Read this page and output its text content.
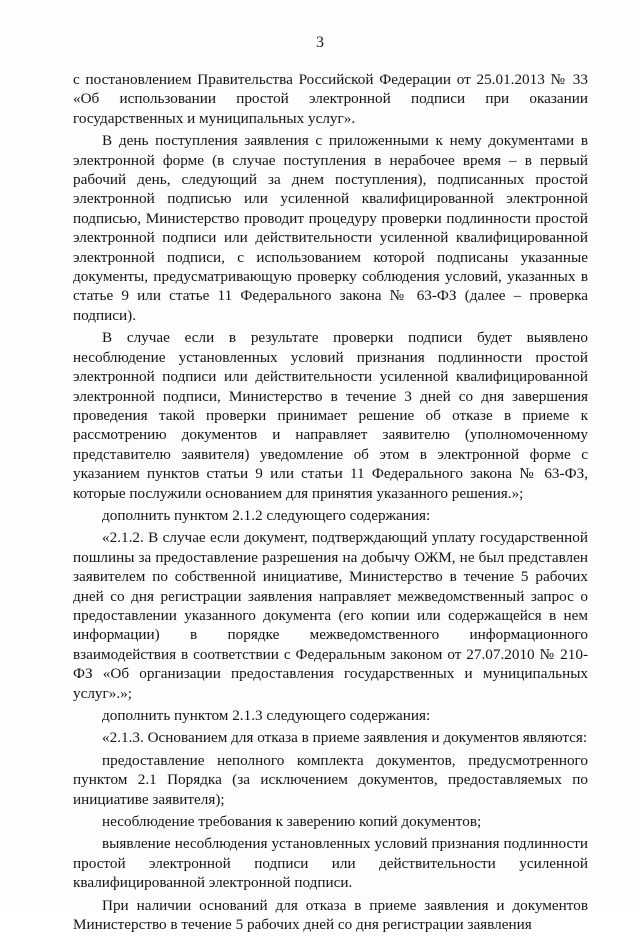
3

с постановлением Правительства Российской Федерации от 25.01.2013 № 33 «Об использовании простой электронной подписи при оказании государственных и муниципальных услуг».

В день поступления заявления с приложенными к нему документами в электронной форме (в случае поступления в нерабочее время – в первый рабочий день, следующий за днем поступления), подписанных простой электронной подписью или усиленной квалифицированной электронной подписью, Министерство проводит процедуру проверки подлинности простой электронной подписи или действительности усиленной квалифицированной электронной подписи, с использованием которой подписаны указанные документы, предусматривающую проверку соблюдения условий, указанных в статье 9 или статье 11 Федерального закона № 63-ФЗ (далее – проверка подписи).

В случае если в результате проверки подписи будет выявлено несоблюдение установленных условий признания подлинности простой электронной подписи или действительности усиленной квалифицированной электронной подписи, Министерство в течение 3 дней со дня завершения проведения такой проверки принимает решение об отказе в приеме к рассмотрению документов и направляет заявителю (уполномоченному представителю заявителя) уведомление об этом в электронной форме с указанием пунктов статьи 9 или статьи 11 Федерального закона № 63-ФЗ, которые послужили основанием для принятия указанного решения.»;

дополнить пунктом 2.1.2 следующего содержания:

«2.1.2. В случае если документ, подтверждающий уплату государственной пошлины за предоставление разрешения на добычу ОЖМ, не был представлен заявителем по собственной инициативе, Министерство в течение 5 рабочих дней со дня регистрации заявления направляет межведомственный запрос о предоставлении указанного документа (его копии или содержащейся в нем информации) в порядке межведомственного информационного взаимодействия в соответствии с Федеральным законом от 27.07.2010 № 210-ФЗ «Об организации предоставления государственных и муниципальных услуг».»;

дополнить пунктом 2.1.3 следующего содержания:

«2.1.3. Основанием для отказа в приеме заявления и документов являются:

предоставление неполного комплекта документов, предусмотренного пунктом 2.1 Порядка (за исключением документов, предоставляемых по инициативе заявителя);

несоблюдение требования к заверению копий документов;

выявление несоблюдения установленных условий признания подлинности простой электронной подписи или действительности усиленной квалифицированной электронной подписи.

При наличии оснований для отказа в приеме заявления и документов Министерство в течение 5 рабочих дней со дня регистрации заявления
